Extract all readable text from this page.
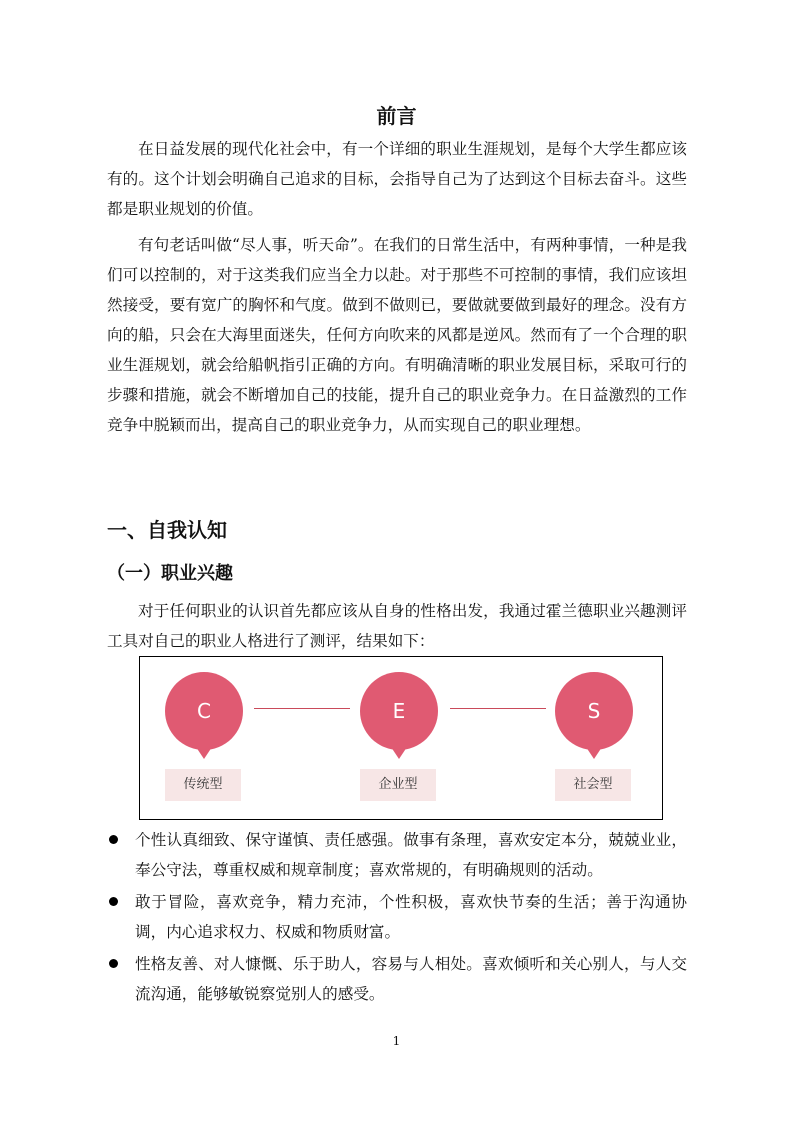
前言

在日益发展的现代化社会中，有一个详细的职业生涯规划，是每个大学生都应该有的。这个计划会明确自己追求的目标，会指导自己为了达到这个目标去奋斗。这些都是职业规划的价值。

有句老话叫做“尽人事，听天命”。在我们的日常生活中，有两种事情，一种是我们可以控制的，对于这类我们应当全力以赴。对于那些不可控制的事情，我们应该坦然接受，要有宽广的胸怀和气度。做到不做则已，要做就要做到最好的理念。没有方向的船，只会在大海里面迷失，任何方向吹来的风都是逆风。然而有了一个合理的职业生涯规划，就会给船帆指引正确的方向。有明确清晰的职业发展目标，采取可行的步骤和措施，就会不断增加自己的技能，提升自己的职业竞争力。在日益激烈的工作竞争中脱颖而出，提高自己的职业竞争力，从而实现自己的职业理想。

一、自我认知
（一）职业兴趣

对于任何职业的认识首先都应该从自身的性格出发，我通过霍兰德职业兴趣测评工具对自己的职业人格进行了测评，结果如下：

C
传统型
E
企业型
S
社会型
个性认真细致、保守谨慎、责任感强。做事有条理，喜欢安定本分，兢兢业业，奉公守法，尊重权威和规章制度；喜欢常规的，有明确规则的活动。
敢于冒险，喜欢竞争，精力充沛，个性积极，喜欢快节奏的生活；善于沟通协调，内心追求权力、权威和物质财富。
性格友善、对人慷慨、乐于助人，容易与人相处。喜欢倾听和关心别人，与人交流沟通，能够敏锐察觉别人的感受。
1
